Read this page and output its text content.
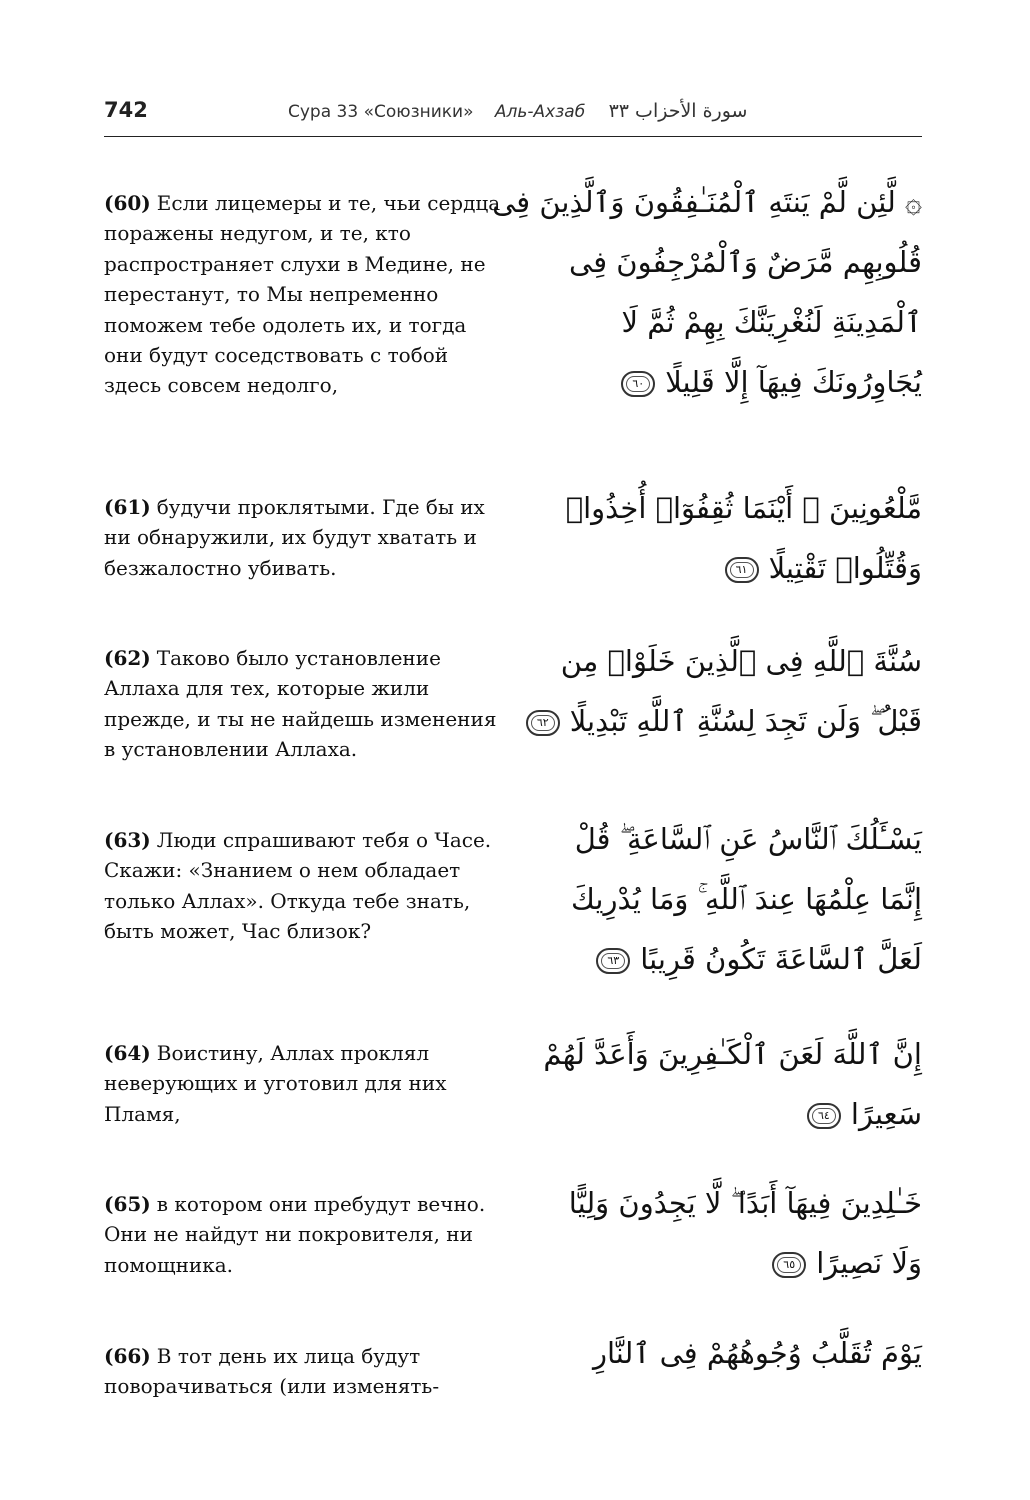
742	Сура 33 «Союзники» Аль-Ахзаб سورة الأحزاب ٣٣
(60) Если лицемеры и те, чьи сердца поражены недугом, и те, кто распространяет слухи в Медине, не перестанут, то Мы непременно поможем тебе одолеть их, и тогда они будут соседствовать с тобой здесь совсем недолго,
۞ لَّئِن لَّمْ يَنتَهِ ٱلْمُنَـٰفِقُونَ وَٱلَّذِينَ فِى
قُلُوبِهِم مَّرَضٌ وَٱلْمُرْجِفُونَ فِى
ٱلْمَدِينَةِ لَنُغْرِيَنَّكَ بِهِمْ ثُمَّ لَا
يُجَاوِرُونَكَ فِيهَآ إِلَّا قَلِيلًا
٦٠
(61) будучи проклятыми. Где бы их ни обнаружили, их будут хватать и безжалостно убивать.
مَّلْعُونِينَ ۖ أَيْنَمَا ثُقِفُوٓا۟ أُخِذُوا۟
وَقُتِّلُوا۟ تَقْتِيلًا
٦١
(62) Таково было установление Аллаха для тех, которые жили прежде, и ты не найдешь изменения в установлении Аллаха.
سُنَّةَ ٱللَّهِ فِى ٱلَّذِينَ خَلَوْا۟ مِن
قَبْلُ ۖ وَلَن تَجِدَ لِسُنَّةِ ٱللَّهِ تَبْدِيلًا
٦٢
(63) Люди спрашивают тебя о Часе. Скажи: «Знанием о нем обладает только Аллах». Откуда тебе знать, быть может, Час близок?
يَسْـَٔلُكَ ٱلنَّاسُ عَنِ ٱلسَّاعَةِ ۖ قُلْ
إِنَّمَا عِلْمُهَا عِندَ ٱللَّهِ ۚ وَمَا يُدْرِيكَ
لَعَلَّ ٱلسَّاعَةَ تَكُونُ قَرِيبًا
٦٣
(64) Воистину, Аллах проклял неверующих и уготовил для них Пламя,
إِنَّ ٱللَّهَ لَعَنَ ٱلْكَـٰفِرِينَ وَأَعَدَّ لَهُمْ
سَعِيرًا
٦٤
(65) в котором они пребудут вечно. Они не найдут ни покровителя, ни помощника.
خَـٰلِدِينَ فِيهَآ أَبَدًا ۖ لَّا يَجِدُونَ وَلِيًّا
وَلَا نَصِيرًا
٦٥
(66) В тот день их лица будут поворачиваться (или изменять-
يَوْمَ تُقَلَّبُ وُجُوهُهُمْ فِى ٱلنَّارِ
